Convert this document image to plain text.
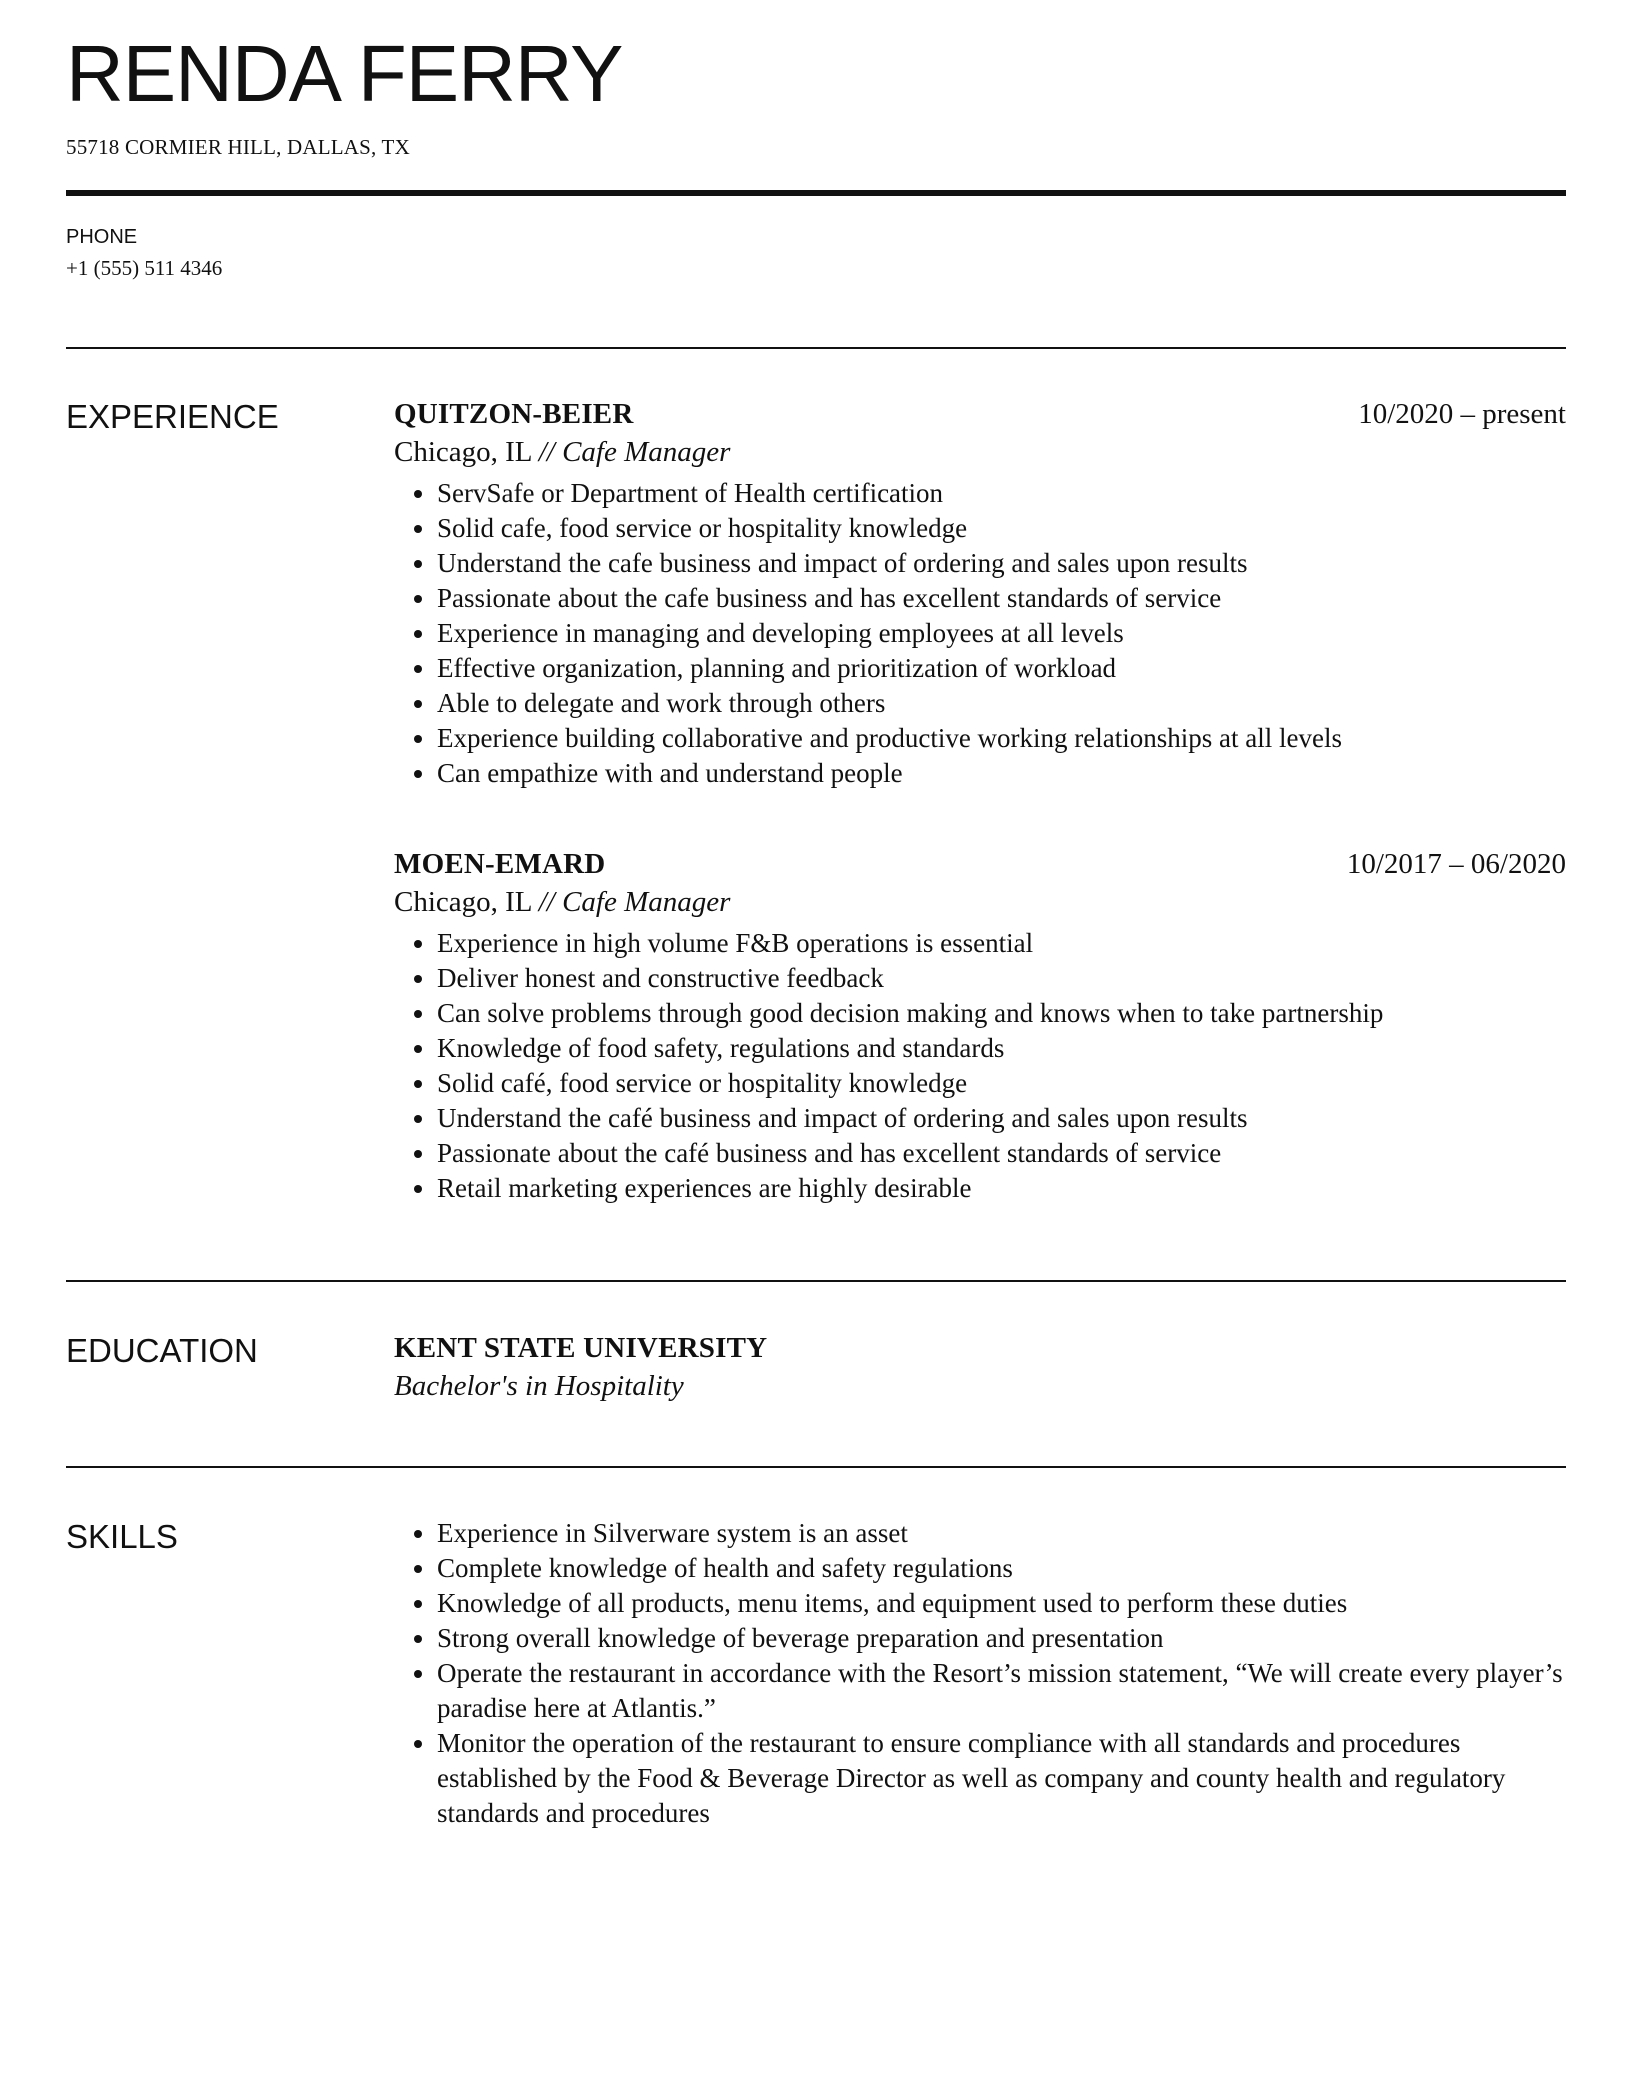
RENDA FERRY
55718 CORMIER HILL, DALLAS, TX
PHONE
+1 (555) 511 4346
EXPERIENCE	QUITZON-BEIER	10/2020 – present
Chicago, IL // Cafe Manager
• ServSafe or Department of Health certification
• Solid cafe, food service or hospitality knowledge
• Understand the cafe business and impact of ordering and sales upon results
• Passionate about the cafe business and has excellent standards of service
• Experience in managing and developing employees at all levels
• Effective organization, planning and prioritization of workload
• Able to delegate and work through others
• Experience building collaborative and productive working relationships at all levels
• Can empathize with and understand people
MOEN-EMARD	10/2017 – 06/2020
Chicago, IL // Cafe Manager
• Experience in high volume F&B operations is essential
• Deliver honest and constructive feedback
• Can solve problems through good decision making and knows when to take partnership
• Knowledge of food safety, regulations and standards
• Solid café, food service or hospitality knowledge
• Understand the café business and impact of ordering and sales upon results
• Passionate about the café business and has excellent standards of service
• Retail marketing experiences are highly desirable
EDUCATION	KENT STATE UNIVERSITY
Bachelor's in Hospitality
SKILLS
•	Experience in Silverware system is an asset
• Complete knowledge of health and safety regulations
• Knowledge of all products, menu items, and equipment used to perform these duties
• Strong overall knowledge of beverage preparation and presentation
• Operate the restaurant in accordance with the Resort’s mission statement, “We will create every player’s paradise here at Atlantis.”
• Monitor the operation of the restaurant to ensure compliance with all standards and procedures established by the Food & Beverage Director as well as company and county health and regulatory standards and procedures
